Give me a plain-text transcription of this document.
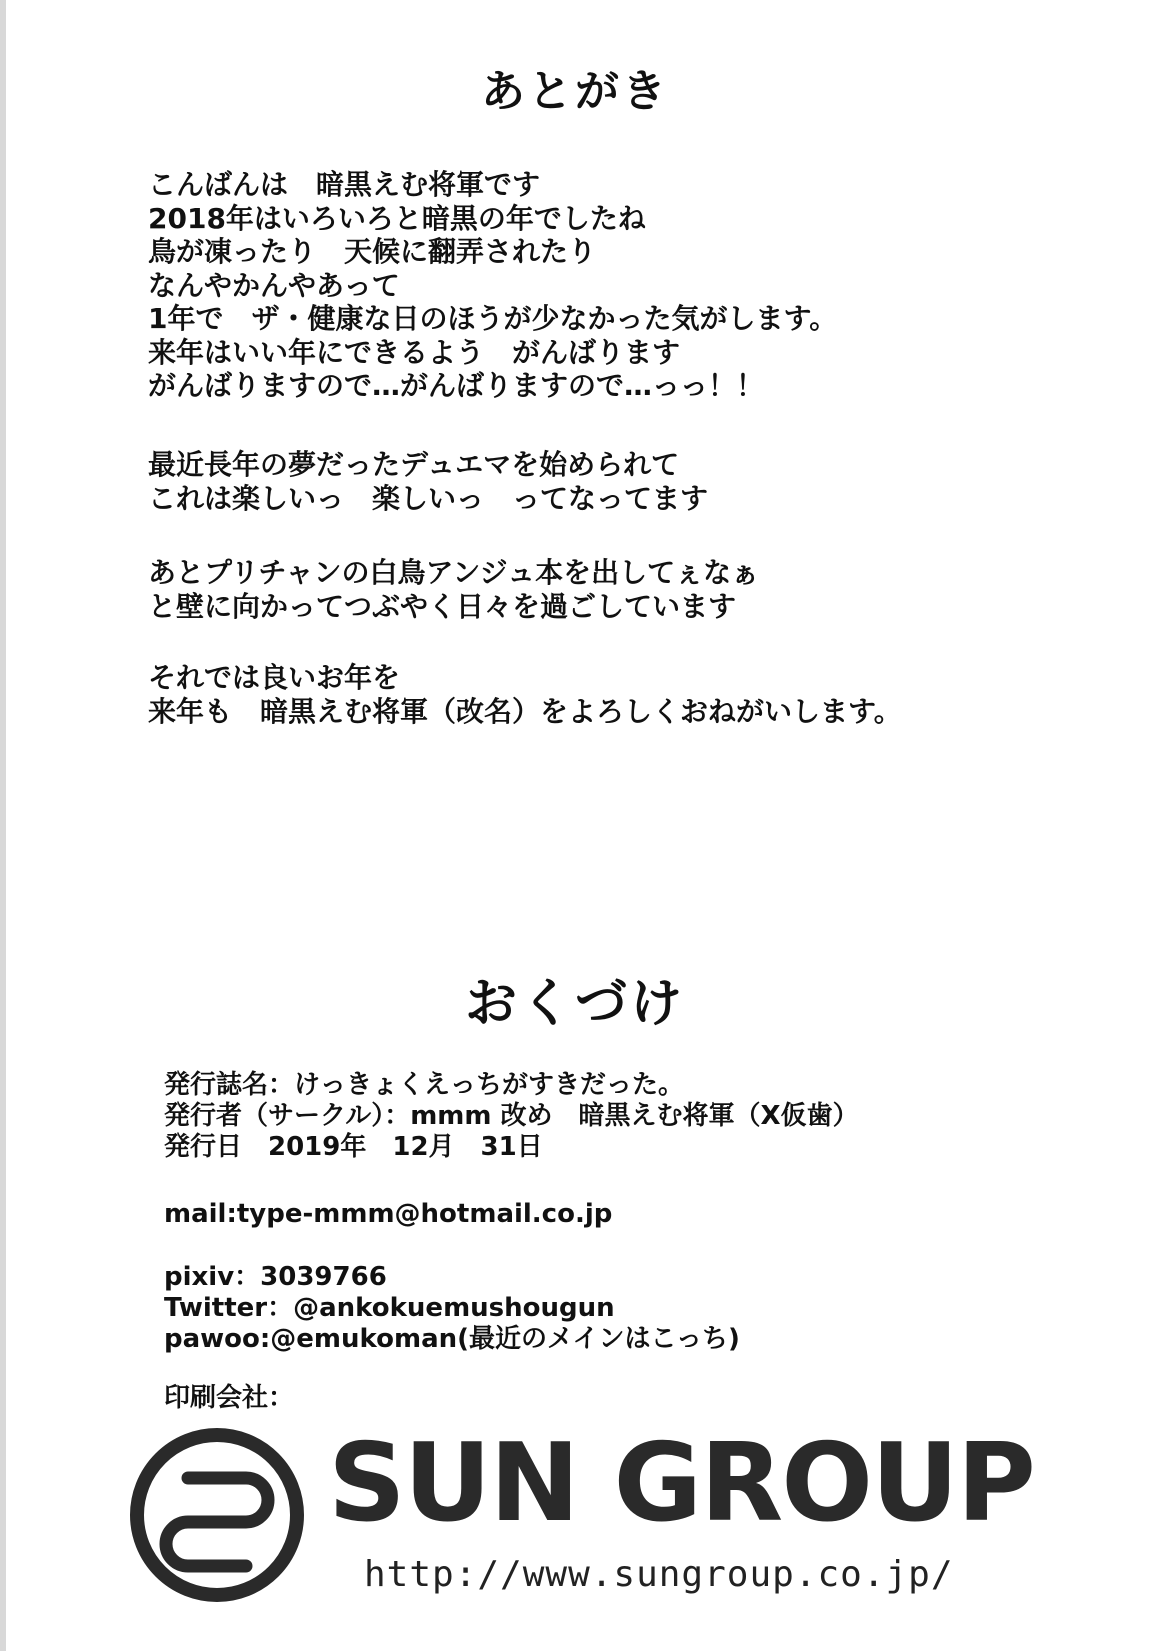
あとがき
こんばんは　暗黒えむ将軍です
2018年はいろいろと暗黒の年でしたね
鳥が凍ったり　天候に翻弄されたり
なんやかんやあって
1年で　ザ・健康な日のほうが少なかった気がします。
来年はいい年にできるよう　がんばります
がんばりますので…がんばりますので…っっ！！
最近長年の夢だったデュエマを始められて
これは楽しいっ　楽しいっ　ってなってます
あとプリチャンの白鳥アンジュ本を出してぇなぁ
と壁に向かってつぶやく日々を過ごしています
それでは良いお年を
来年も　暗黒えむ将軍（改名）をよろしくおねがいします。
おくづけ
発行誌名：けっきょくえっちがすきだった。
発行者（サークル）：mmm 改め　暗黒えむ将軍（X仮歯）
発行日　2019年　12月　31日
mail:type-mmm@hotmail.co.jp
pixiv：3039766
Twitter：@ankokuemushougun
pawoo:@emukoman(最近のメインはこっち)
印刷会社：
SUN GROUP
http://www.sungroup.co.jp/
